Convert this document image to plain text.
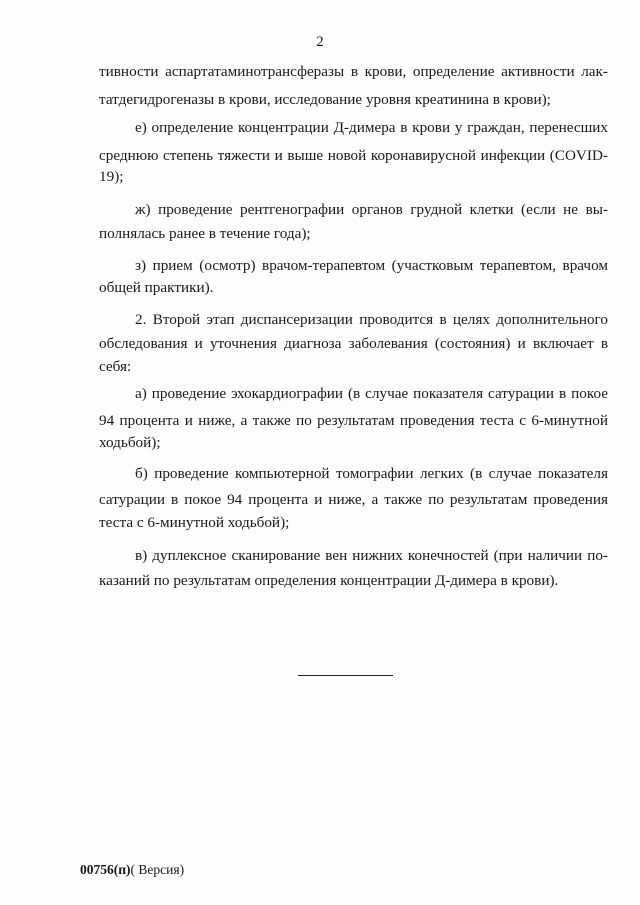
2
тивности аспартатаминотрансферазы в крови, определение активности лак-
татдегидрогеназы в крови, исследование уровня креатинина в крови);
е) определение концентрации Д-димера в крови у граждан, перенесших
среднюю степень тяжести и выше новой коронавирусной инфекции (COVID-
19);
ж) проведение рентгенографии органов грудной клетки (если не вы-
полнялась ранее в течение года);
з) прием (осмотр) врачом-терапевтом (участковым терапевтом, врачом
общей практики).
2. Второй этап диспансеризации проводится в целях дополнительного
обследования и уточнения диагноза заболевания (состояния) и включает в
себя:
а) проведение эхокардиографии (в случае показателя сатурации в покое
94 процента и ниже, а также по результатам проведения теста с 6-минутной
ходьбой);
б) проведение компьютерной томографии легких (в случае показателя
сатурации в покое 94 процента и ниже, а также по результатам проведения
теста с 6-минутной ходьбой);
в) дуплексное сканирование вен нижних конечностей (при наличии по-
казаний по результатам определения концентрации Д-димера в крови).
00756(п)( Версия)
